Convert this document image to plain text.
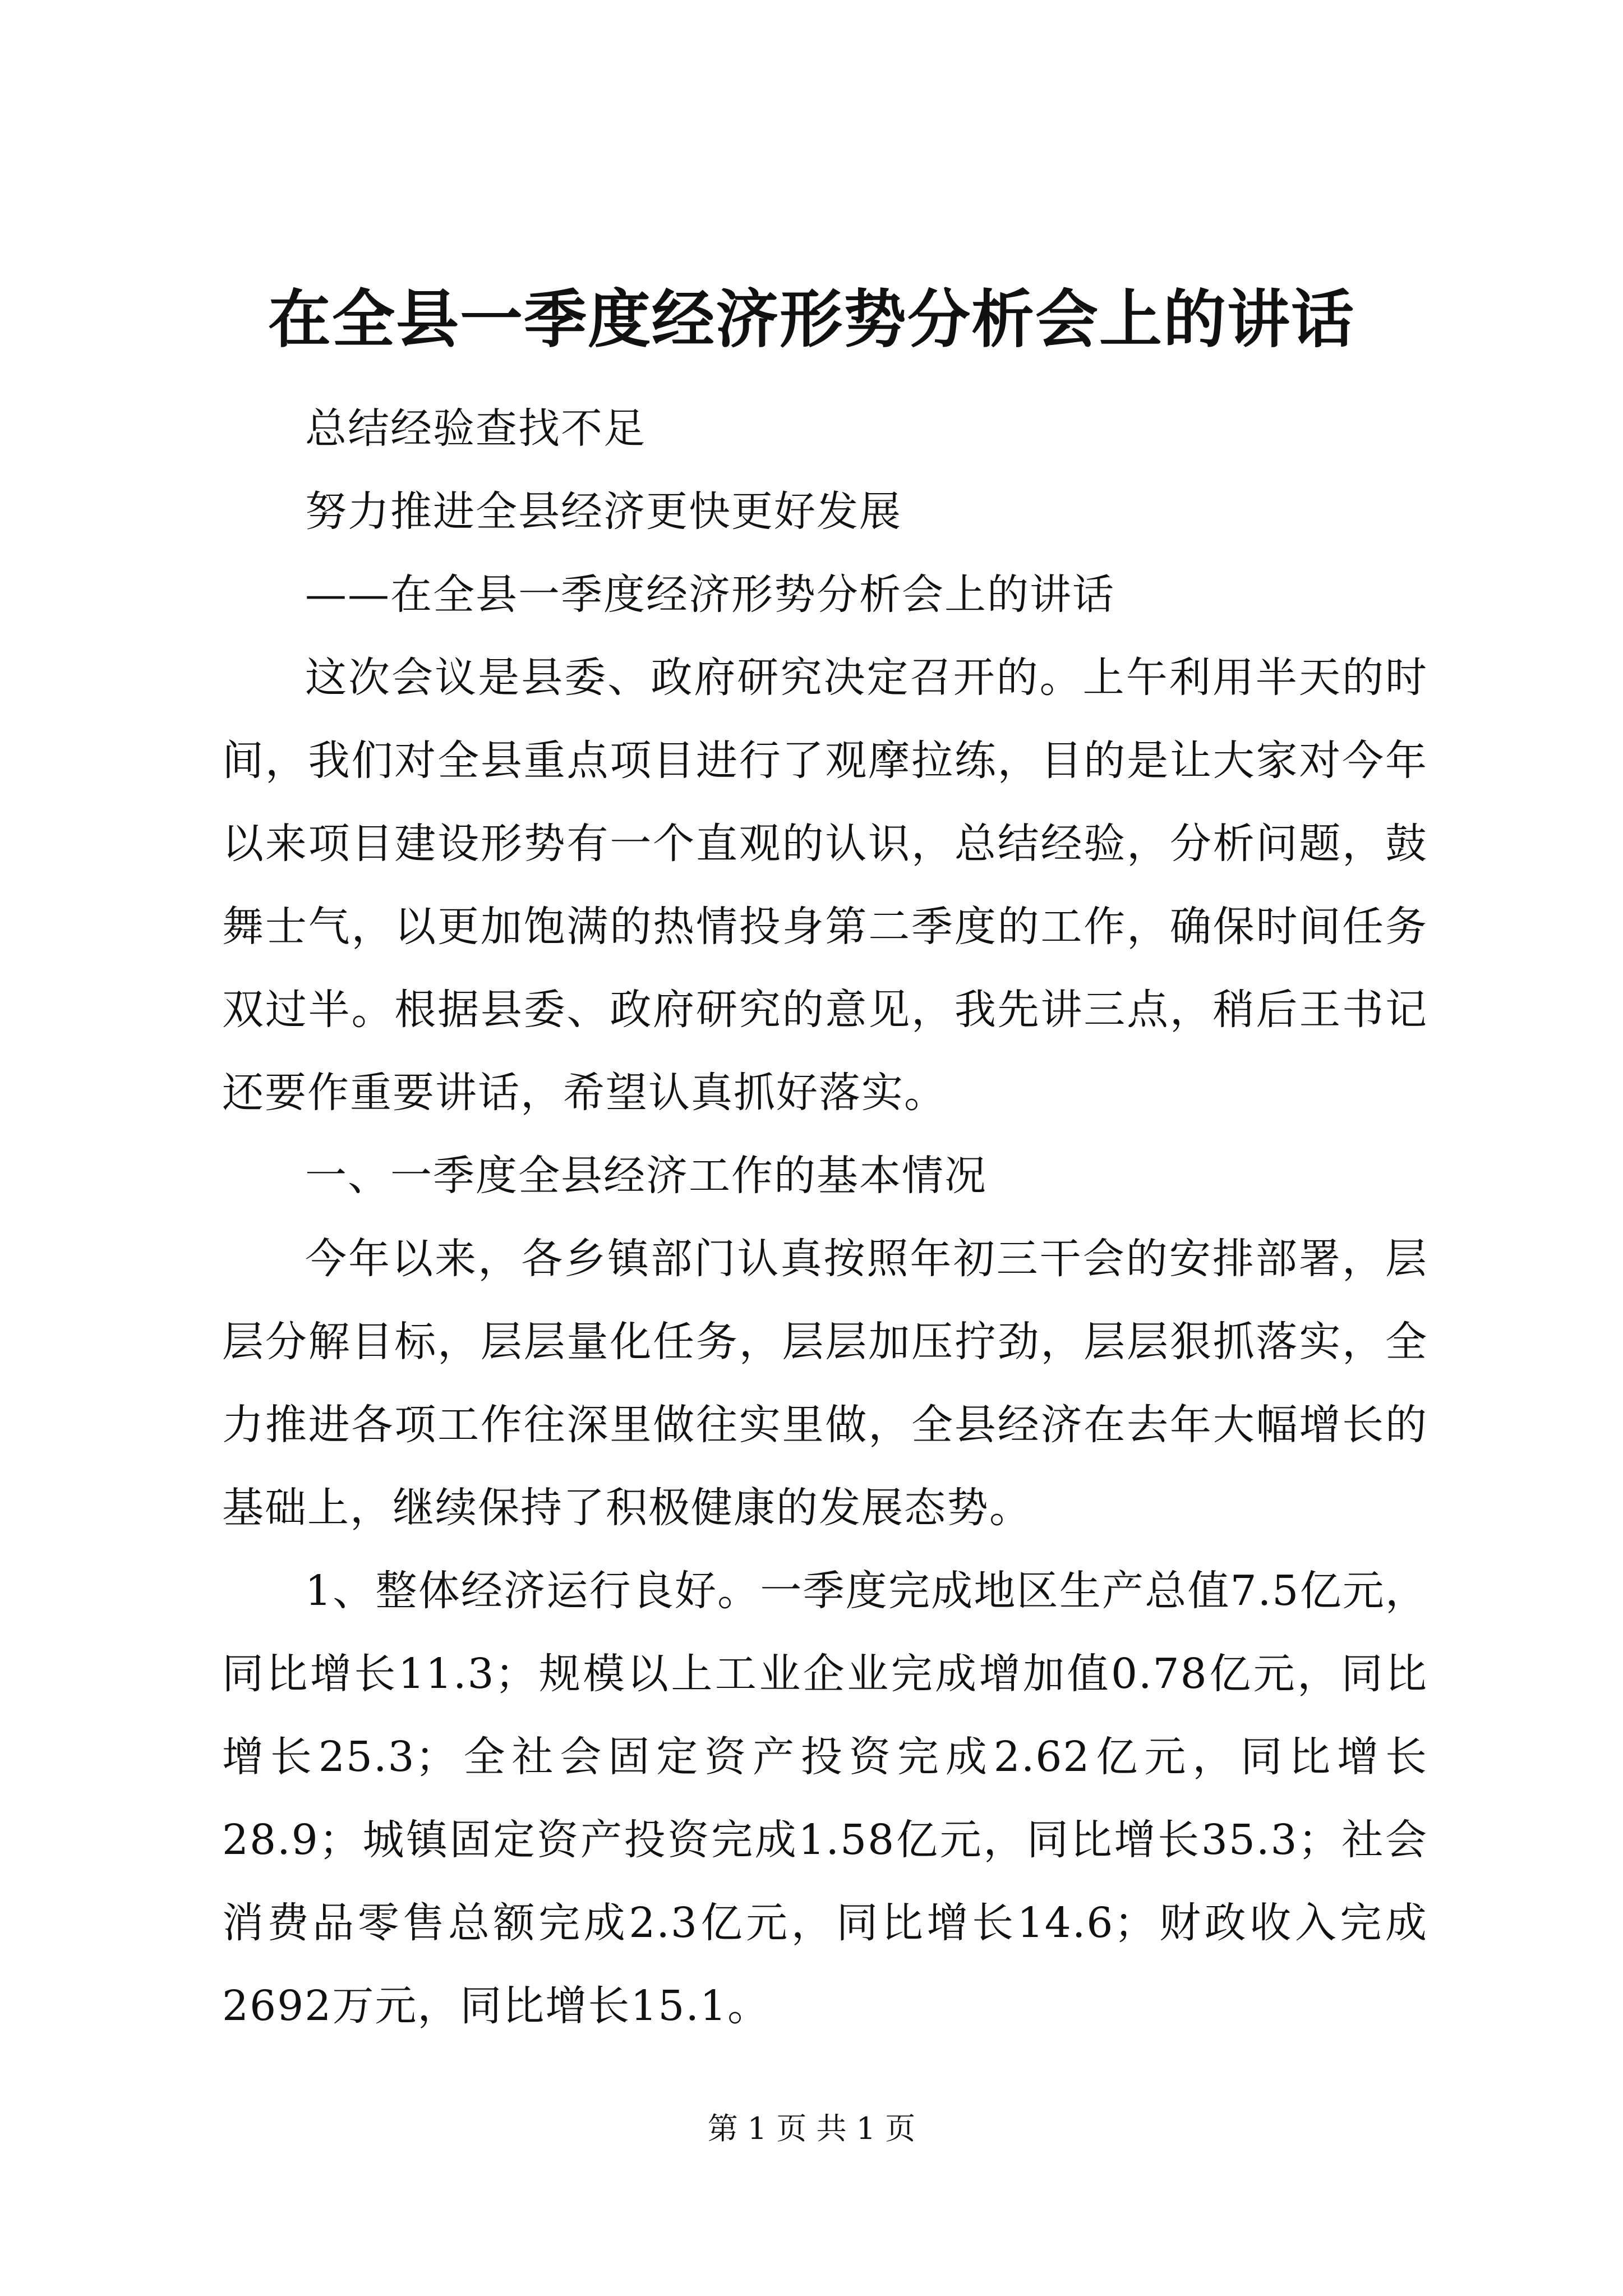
在全县一季度经济形势分析会上的讲话
总结经验查找不足
努力推进全县经济更快更好发展
——在全县一季度经济形势分析会上的讲话
这次会议是县委、政府研究决定召开的。上午利用半天的时间，我们对全县重点项目进行了观摩拉练，目的是让大家对今年以来项目建设形势有一个直观的认识，总结经验，分析问题，鼓舞士气，以更加饱满的热情投身第二季度的工作，确保时间任务双过半。根据县委、政府研究的意见，我先讲三点，稍后王书记还要作重要讲话，希望认真抓好落实。
一、一季度全县经济工作的基本情况
今年以来，各乡镇部门认真按照年初三干会的安排部署，层层分解目标，层层量化任务，层层加压拧劲，层层狠抓落实，全力推进各项工作往深里做往实里做，全县经济在去年大幅增长的基础上，继续保持了积极健康的发展态势。
1、整体经济运行良好。一季度完成地区生产总值7.5亿元，同比增长11.3；规模以上工业企业完成增加值0.78亿元，同比增长25.3；全社会固定资产投资完成2.62亿元，同比增长28.9；城镇固定资产投资完成1.58亿元，同比增长35.3；社会消费品零售总额完成2.3亿元，同比增长14.6；财政收入完成2692万元，同比增长15.1。
第 1 页 共 1 页
